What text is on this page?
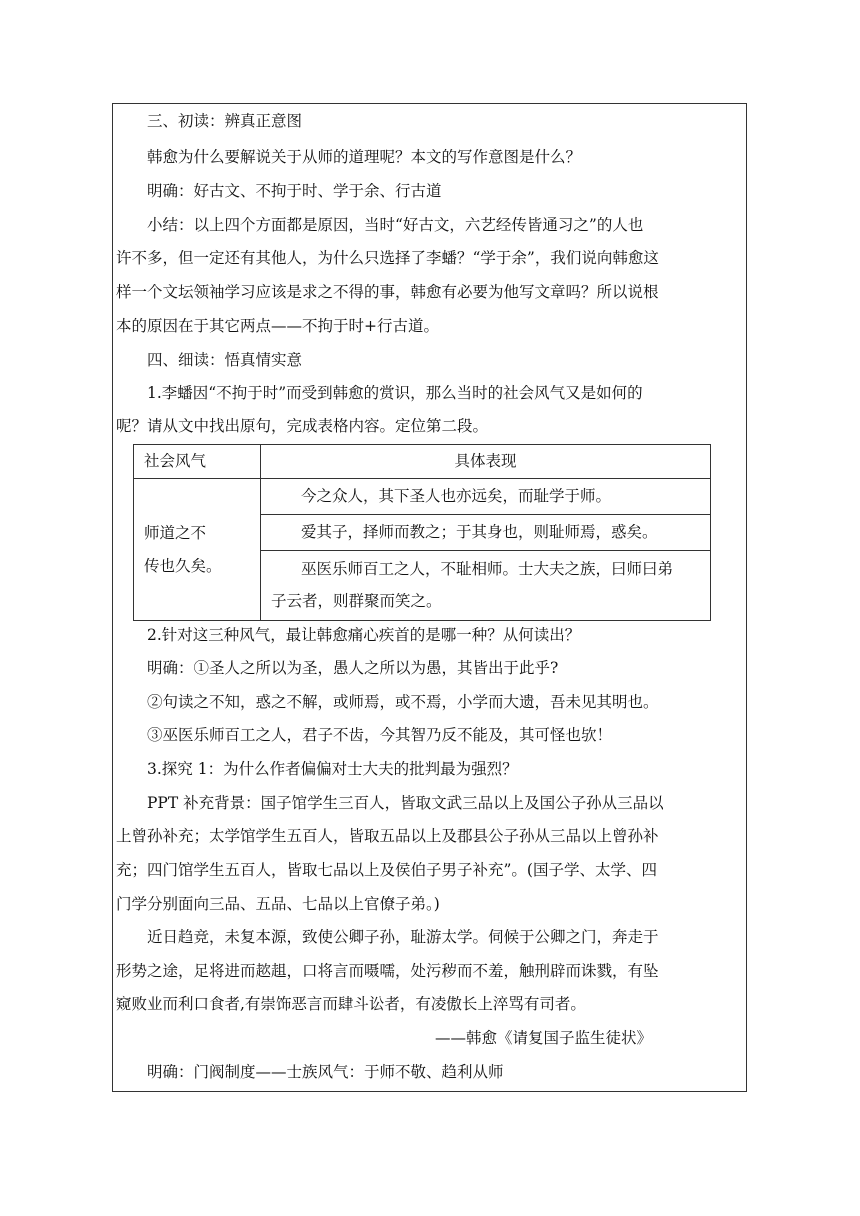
三、初读：辨真正意图
韩愈为什么要解说关于从师的道理呢？本文的写作意图是什么？
明确：好古文、不拘于时、学于余、行古道
小结：以上四个方面都是原因，当时“好古文，六艺经传皆通习之”的人也
许不多，但一定还有其他人，为什么只选择了李蟠？“学于余”，我们说向韩愈这
样一个文坛领袖学习应该是求之不得的事，韩愈有必要为他写文章吗？所以说根
本的原因在于其它两点——不拘于时+行古道。
四、细读：悟真情实意
1.李蟠因“不拘于时”而受到韩愈的赏识，那么当时的社会风气又是如何的
呢？请从文中找出原句，完成表格内容。定位第二段。
社会风气	具体表现

师道之不
传也久矣。	今之众人，其下圣人也亦远矣，而耻学于师。

	爱其子，择师而教之；于其身也，则耻师焉，惑矣。

	巫医乐师百工之人，不耻相师。士大夫之族，曰师曰弟
子云者，则群聚而笑之。
2.针对这三种风气，最让韩愈痛心疾首的是哪一种？从何读出？
明确：①圣人之所以为圣，愚人之所以为愚，其皆出于此乎?
②句读之不知，惑之不解，或师焉，或不焉，小学而大遗，吾未见其明也。
③巫医乐师百工之人，君子不齿，今其智乃反不能及，其可怪也欤！
3.探究 1：为什么作者偏偏对士大夫的批判最为强烈？
PPT 补充背景：国子馆学生三百人，皆取文武三品以上及国公子孙从三品以
上曾孙补充；太学馆学生五百人，皆取五品以上及郡县公子孙从三品以上曾孙补
充；四门馆学生五百人，皆取七品以上及侯伯子男子补充”。(国子学、太学、四
门学分别面向三品、五品、七品以上官僚子弟。)
近日趋竞，未复本源，致使公卿子孙，耻游太学。伺候于公卿之门，奔走于
形势之途，足将进而趑趄，口将言而嗫嚅，处污秽而不羞，触刑辟而诛戮，有坠
窥败业而利口食者,有崇饰恶言而肆斗讼者，有凌傲长上淬骂有司者。
——韩愈《请复国子监生徒状》
明确：门阀制度——士族风气：于师不敬、趋利从师
